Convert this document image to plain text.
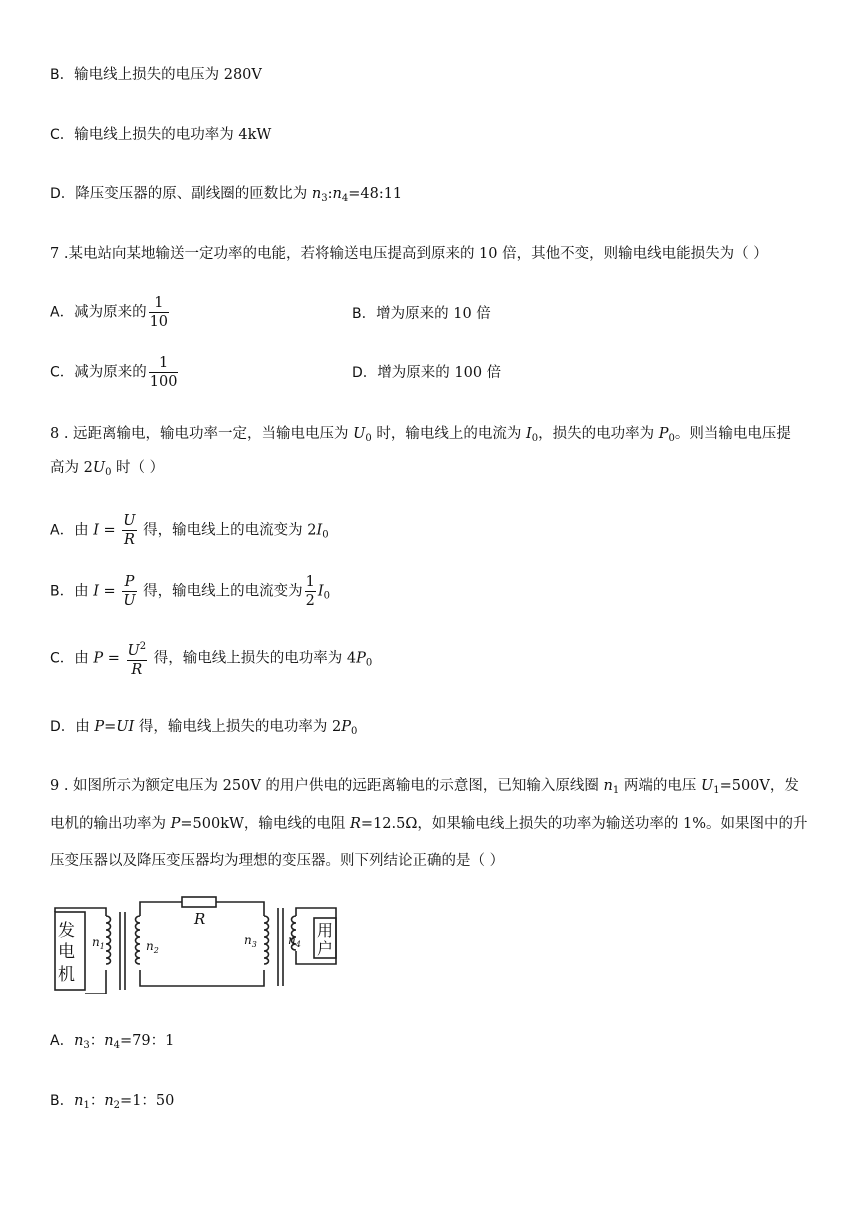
B．输电线上损失的电压为 280V
C．输电线上损失的电功率为 4kW
D．降压变压器的原、副线圈的匝数比为 $n_3:n_4=48:11$
7 .某电站向某地输送一定功率的电能，若将输送电压提高到原来的 10 倍，其他不变，则输电线电能损失为（ ）
A．减为原来的 $\frac{1}{10}$	B．增为原来的 10 倍
C．减为原来的 $\frac{1}{100}$	D．增为原来的 100 倍
8 . 远距离输电，输电功率一定，当输电电压为 $U_0$ 时，输电线上的电流为 $I_0$，损失的电功率为 $P_0$。则当输电电压提
高为 $2U_0$ 时（ ）
A．由 $I = \frac{U}{R}$ 得，输电线上的电流变为 $2I_0$
B．由 $I = \frac{P}{U}$ 得，输电线上的电流变为 $\frac{1}{2} I_0$
C．由 $P = \frac{U^2}{R}$ 得，输电线上损失的电功率为 $4P_0$
D．由 P=UI 得，输电线上损失的电功率为 $2P_0$
9 . 如图所示为额定电压为 250V 的用户供电的远距离输电的示意图，已知输入原线圈 $n_1$ 两端的电压 $U_1=500V$，发
电机的输出功率为 P=500kW，输电线的电阻 R=12.5Ω，如果输电线上损失的功率为输送功率的 1%。如果图中的升
压变压器以及降压变压器均为理想的变压器。则下列结论正确的是（ ）
发
电
机
用
户
R
$n_1$	$n_2$
$n_3$	$n_4$
A．$n_3$：$n_4=79$：1
B．$n_1$：$n_2=1$：50
